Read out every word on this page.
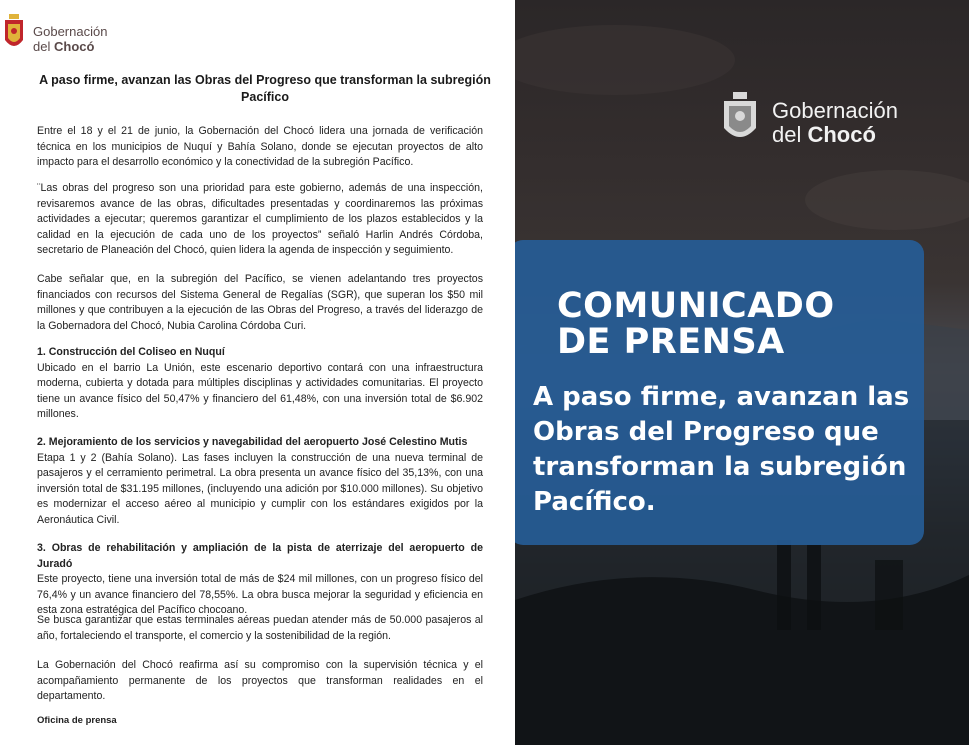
Gobernación
del Chocó
A paso firme, avanzan las Obras del Progreso que transforman la subregión Pacífico
Entre el 18 y el 21 de junio, la Gobernación del Chocó lidera una jornada de verificación técnica en los municipios de Nuquí y Bahía Solano, donde se ejecutan proyectos de alto impacto para el desarrollo económico y la conectividad de la subregión Pacífico.
¨Las obras del progreso son una prioridad para este gobierno, además de una inspección, revisaremos avance de las obras, dificultades presentadas y coordinaremos las próximas actividades a ejecutar; queremos garantizar el cumplimiento de los plazos establecidos y la calidad en la ejecución de cada uno de los proyectos” señaló Harlin Andrés Córdoba, secretario de Planeación del Chocó, quien lidera la agenda de inspección y seguimiento.
Cabe señalar que, en la subregión del Pacífico, se vienen adelantando tres proyectos financiados con recursos del Sistema General de Regalías (SGR), que superan los $50 mil millones y que contribuyen a la ejecución de las Obras del Progreso, a través del liderazgo de la Gobernadora del Chocó, Nubia Carolina Córdoba Curi.
1. Construcción del Coliseo en Nuquí
Ubicado en el barrio La Unión, este escenario deportivo contará con una infraestructura moderna, cubierta y dotada para múltiples disciplinas y actividades comunitarias. El proyecto tiene un avance físico del 50,47% y financiero del 61,48%, con una inversión total de $6.902 millones.
2. Mejoramiento de los servicios y navegabilidad del aeropuerto José Celestino Mutis
Etapa 1 y 2 (Bahía Solano). Las fases incluyen la construcción de una nueva terminal de pasajeros y el cerramiento perimetral. La obra presenta un avance físico del 35,13%, con una inversión total de $31.195 millones, (incluyendo una adición por $10.000 millones). Su objetivo es modernizar el acceso aéreo al municipio y cumplir con los estándares exigidos por la Aeronáutica Civil.
3. Obras de rehabilitación y ampliación de la pista de aterrizaje del aeropuerto de Juradó
Este proyecto, tiene una inversión total de más de $24 mil millones, con un progreso físico del 76,4% y un avance financiero del 78,55%. La obra busca mejorar la seguridad y eficiencia en esta zona estratégica del Pacífico chocoano.
Se busca garantizar que estas terminales aéreas puedan atender más de 50.000 pasajeros al año, fortaleciendo el transporte, el comercio y la sostenibilidad de la región.
La Gobernación del Chocó reafirma así su compromiso con la supervisión técnica y el acompañamiento permanente de los proyectos que transforman realidades en el departamento.
Oficina de prensa
Gobernación
del Chocó
COMUNICADO
DE PRENSA
A paso firme, avanzan las Obras del Progreso que transforman la subregión Pacífico.
